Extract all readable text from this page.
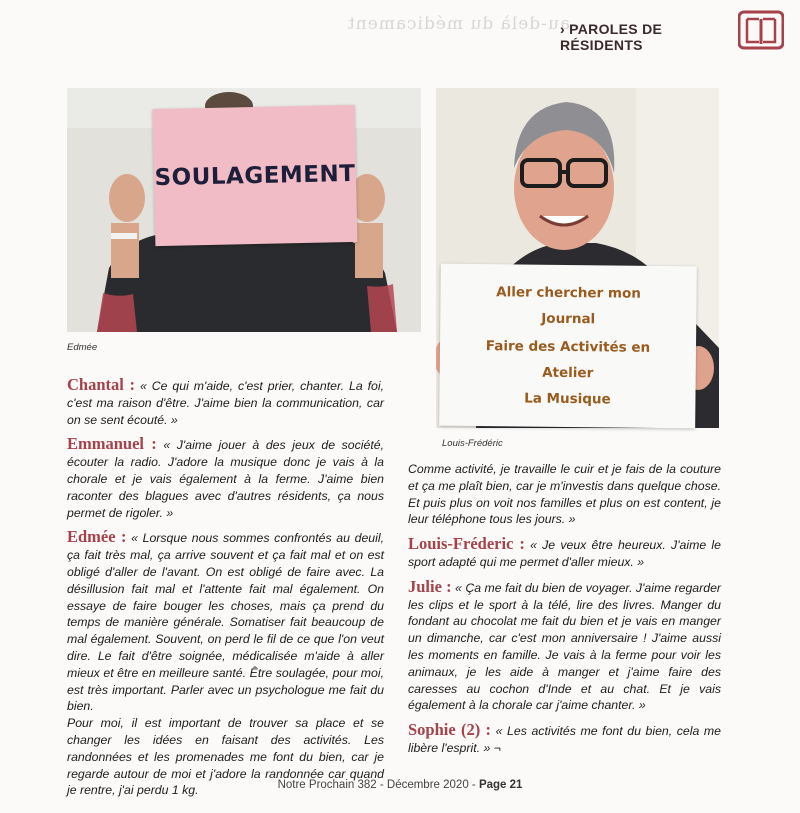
au-delà du médicament
› PAROLES DE RÉSIDENTS
SOULAGEMENT
Edmée
Aller chercher mon
Journal
Faire des Activités en
Atelier
La Musique
Louis-Frédéric

Chantal : « Ce qui m'aide, c'est prier, chanter. La foi, c'est ma raison d'être. J'aime bien la communication, car on se sent écouté. »

Emmanuel : « J'aime jouer à des jeux de société, écouter la radio. J'adore la musique donc je vais à la chorale et je vais également à la ferme. J'aime bien raconter des blagues avec d'autres résidents, ça nous permet de rigoler. »

Edmée : « Lorsque nous sommes confrontés au deuil, ça fait très mal, ça arrive souvent et ça fait mal et on est obligé d'aller de l'avant. On est obligé de faire avec. La désillusion fait mal et l'attente fait mal également. On essaye de faire bouger les choses, mais ça prend du temps de manière générale. Somatiser fait beaucoup de mal également. Souvent, on perd le fil de ce que l'on veut dire. Le fait d'être soignée, médicalisée m'aide à aller mieux et être en meilleure santé. Être soulagée, pour moi, est très important. Parler avec un psychologue me fait du bien.

Pour moi, il est important de trouver sa place et se changer les idées en faisant des activités. Les randonnées et les promenades me font du bien, car je regarde autour de moi et j'adore la randonnée car quand je rentre, j'ai perdu 1 kg.

Comme activité, je travaille le cuir et je fais de la couture et ça me plaît bien, car je m'investis dans quelque chose. Et puis plus on voit nos familles et plus on est content, je leur téléphone tous les jours. »

Louis-Fréderic : « Je veux être heureux. J'aime le sport adapté qui me permet d'aller mieux. »

Julie : « Ça me fait du bien de voyager. J'aime regarder les clips et le sport à la télé, lire des livres. Manger du fondant au chocolat me fait du bien et je vais en manger un dimanche, car c'est mon anniversaire ! J'aime aussi les moments en famille. Je vais à la ferme pour voir les animaux, je les aide à manger et j'aime faire des caresses au cochon d'Inde et au chat. Et je vais également à la chorale car j'aime chanter. »

Sophie (2) : « Les activités me font du bien, cela me libère l'esprit. » ¬

Notre Prochain 382 - Décembre 2020 - Page 21
